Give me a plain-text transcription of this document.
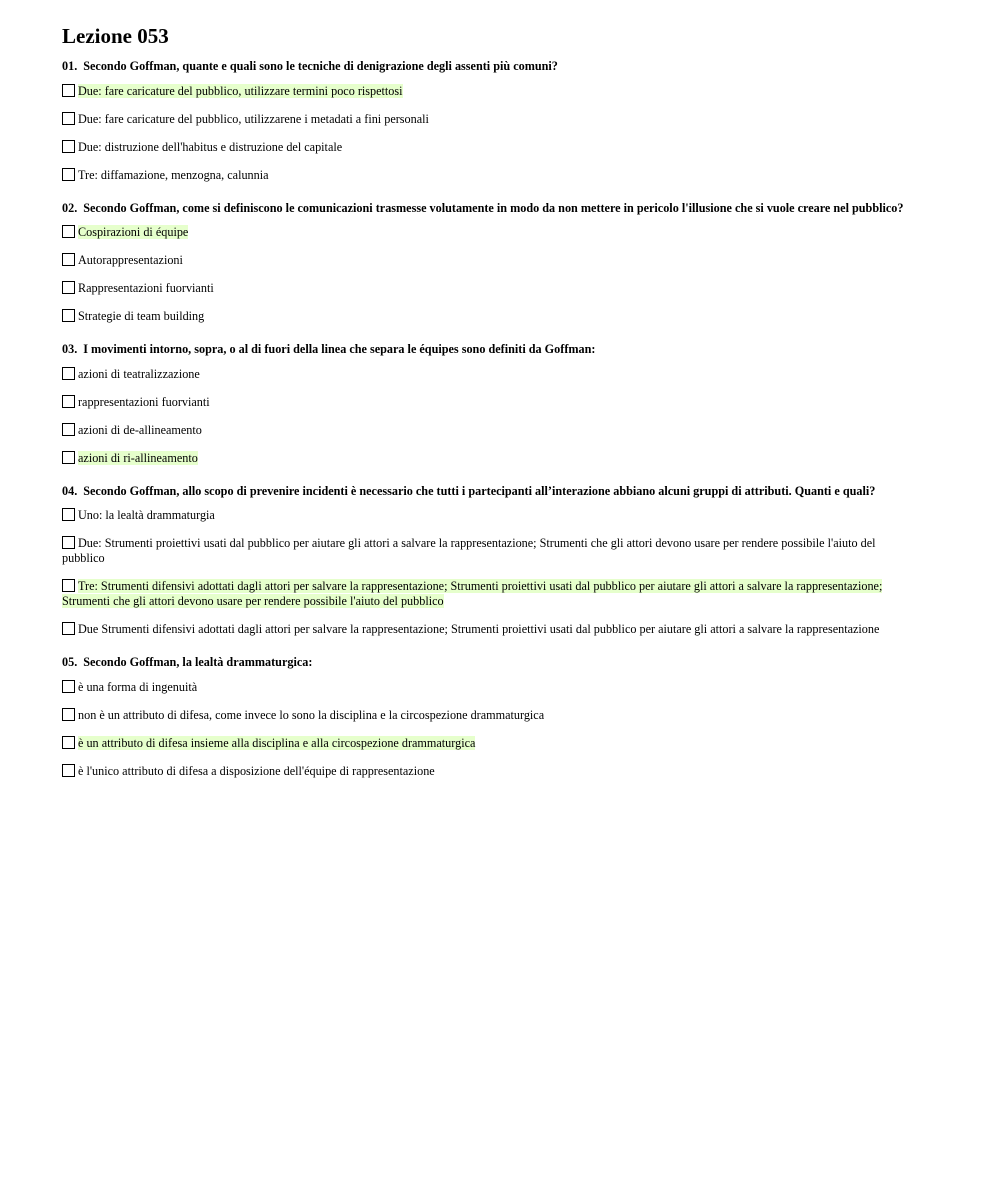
Lezione 053

01. Secondo Goffman, quante e quali sono le tecniche di denigrazione degli assenti più comuni?

Due: fare caricature del pubblico, utilizzare termini poco rispettosi
Due: fare caricature del pubblico, utilizzarene i metadati a fini personali
Due: distruzione dell'habitus e distruzione del capitale
Tre: diffamazione, menzogna, calunnia

02. Secondo Goffman, come si definiscono le comunicazioni trasmesse volutamente in modo da non mettere in pericolo l'illusione che si vuole creare nel pubblico?

Cospirazioni di équipe
Autorappresentazioni
Rappresentazioni fuorvianti
Strategie di team building

03. I movimenti intorno, sopra, o al di fuori della linea che separa le équipes sono definiti da Goffman:

azioni di teatralizzazione
rappresentazioni fuorvianti
azioni di de-allineamento
azioni di ri-allineamento

04. Secondo Goffman, allo scopo di prevenire incidenti è necessario che tutti i partecipanti all’interazione abbiano alcuni gruppi di attributi. Quanti e quali?

Uno: la lealtà drammaturgia
Due: Strumenti proiettivi usati dal pubblico per aiutare gli attori a salvare la rappresentazione; Strumenti che gli attori devono usare per rendere possibile l'aiuto del pubblico
Tre: Strumenti difensivi adottati dagli attori per salvare la rappresentazione; Strumenti proiettivi usati dal pubblico per aiutare gli attori a salvare la rappresentazione; Strumenti che gli attori devono usare per rendere possibile l'aiuto del pubblico
Due Strumenti difensivi adottati dagli attori per salvare la rappresentazione; Strumenti proiettivi usati dal pubblico per aiutare gli attori a salvare la rappresentazione

05. Secondo Goffman, la lealtà drammaturgica:

è una forma di ingenuità
non è un attributo di difesa, come invece lo sono la disciplina e la circospezione drammaturgica
è un attributo di difesa insieme alla disciplina e alla circospezione drammaturgica
è l'unico attributo di difesa a disposizione dell'équipe di rappresentazione
